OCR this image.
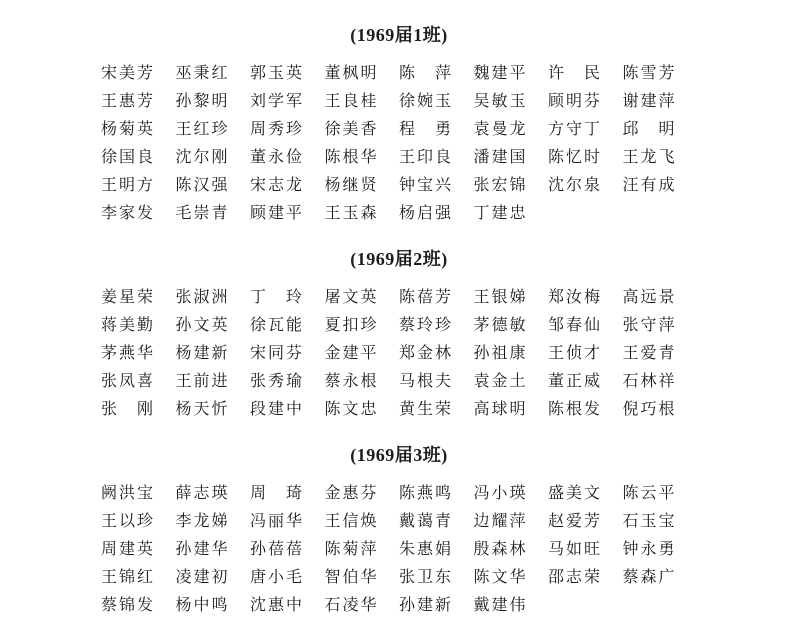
(1969届1班)
宋美芳	巫秉红	郭玉英	董枫明	陈　萍	魏建平	许　民	陈雪芳
王惠芳	孙黎明	刘学军	王良桂	徐婉玉	吴敏玉	顾明芬	谢建萍
杨菊英	王红珍	周秀珍	徐美香	程　勇	袁曼龙	方守丁	邱　明
徐国良	沈尔刚	董永俭	陈根华	王印良	潘建国	陈忆时	王龙飞
王明方	陈汉强	宋志龙	杨继贤	钟宝兴	张宏锦	沈尔泉	汪有成
李家发	毛崇青	顾建平	王玉森	杨启强	丁建忠
(1969届2班)
姜星荣	张淑洲	丁　玲	屠文英	陈蓓芳	王银娣	郑汝梅	高远景
蒋美勤	孙文英	徐瓦能	夏扣珍	蔡玲珍	茅德敏	邹春仙	张守萍
茅燕华	杨建新	宋同芬	金建平	郑金林	孙祖康	王侦才	王爱青
张凤喜	王前进	张秀瑜	蔡永根	马根夫	袁金土	董正威	石林祥
张　刚	杨天忻	段建中	陈文忠	黄生荣	高球明	陈根发	倪巧根
(1969届3班)
阙洪宝	薛志瑛	周　琦	金惠芬	陈燕鸣	冯小瑛	盛美文	陈云平
王以珍	李龙娣	冯丽华	王信焕	戴蔼青	边耀萍	赵爱芳	石玉宝
周建英	孙建华	孙蓓蓓	陈菊萍	朱惠娟	殷森林	马如旺	钟永勇
王锦红	凌建初	唐小毛	智伯华	张卫东	陈文华	邵志荣	蔡森广
蔡锦发	杨中鸣	沈惠中	石凌华	孙建新	戴建伟
